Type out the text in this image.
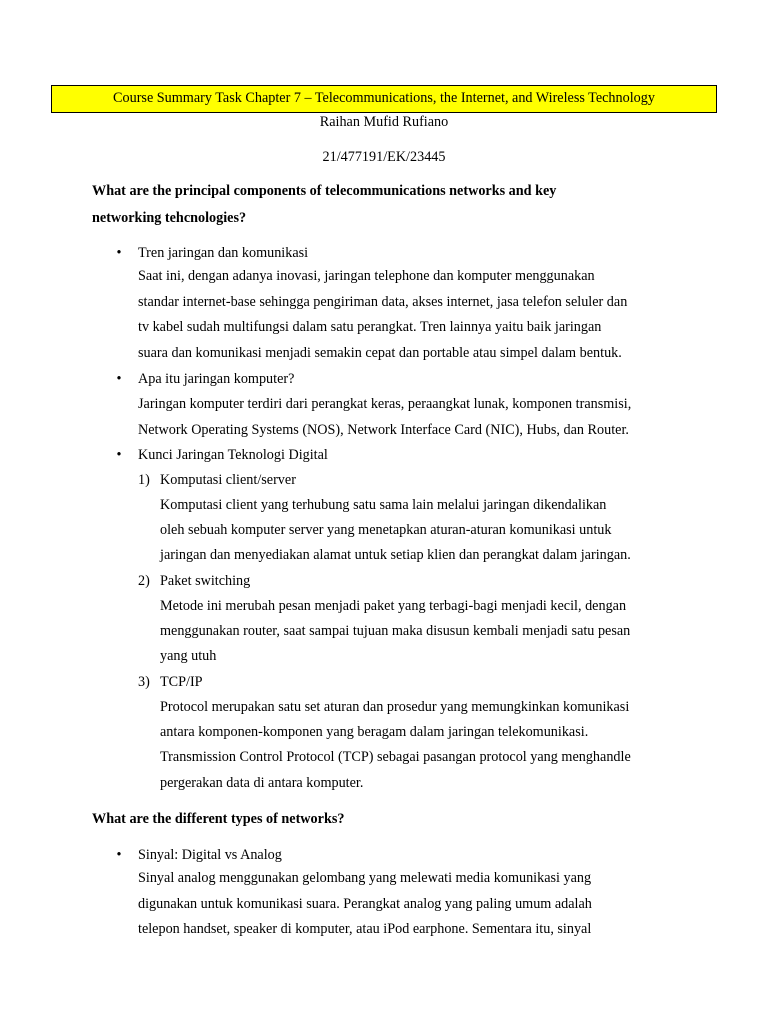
Course Summary Task Chapter 7 – Telecommunications, the Internet, and Wireless Technology
Raihan Mufid Rufiano
21/477191/EK/23445
What are the principal components of telecommunications networks and key
networking tehcnologies?
• Tren jaringan dan komunikasi
Saat ini, dengan adanya inovasi, jaringan telephone dan komputer menggunakan
standar internet-base sehingga pengiriman data, akses internet, jasa telefon seluler dan
tv kabel sudah multifungsi dalam satu perangkat. Tren lainnya yaitu baik jaringan
suara dan komunikasi menjadi semakin cepat dan portable atau simpel dalam bentuk.
• Apa itu jaringan komputer?
Jaringan komputer terdiri dari perangkat keras, peraangkat lunak, komponen transmisi,
Network Operating Systems (NOS), Network Interface Card (NIC), Hubs, dan Router.
• Kunci Jaringan Teknologi Digital
1) Komputasi client/server
Komputasi client yang terhubung satu sama lain melalui jaringan dikendalikan
oleh sebuah komputer server yang menetapkan aturan-aturan komunikasi untuk
jaringan dan menyediakan alamat untuk setiap klien dan perangkat dalam jaringan.
2) Paket switching
Metode ini merubah pesan menjadi paket yang terbagi-bagi menjadi kecil, dengan
menggunakan router, saat sampai tujuan maka disusun kembali menjadi satu pesan
yang utuh
3) TCP/IP
Protocol merupakan satu set aturan dan prosedur yang memungkinkan komunikasi
antara komponen-komponen yang beragam dalam jaringan telekomunikasi.
Transmission Control Protocol (TCP) sebagai pasangan protocol yang menghandle
pergerakan data di antara komputer.
What are the different types of networks?
• Sinyal: Digital vs Analog
Sinyal analog menggunakan gelombang yang melewati media komunikasi yang
digunakan untuk komunikasi suara. Perangkat analog yang paling umum adalah
telepon handset, speaker di komputer, atau iPod earphone. Sementara itu, sinyal
